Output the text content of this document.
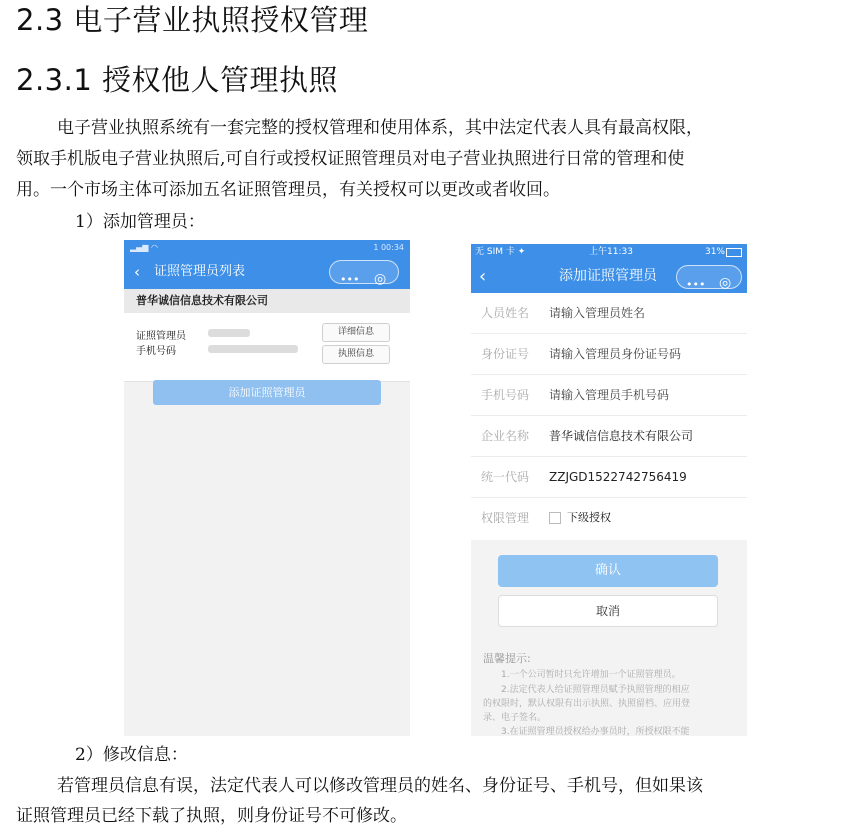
2.3 电子营业执照授权管理
2.3.1 授权他人管理执照
电子营业执照系统有一套完整的授权管理和使用体系，其中法定代表人具有最高权限，
领取手机版电子营业执照后,可自行或授权证照管理员对电子营业执照进行日常的管理和使
用。一个市场主体可添加五名证照管理员，有关授权可以更改或者收回。
1）添加管理员：
▂▄▆ ◠	1 00:34
‹ 证照管理员列表
••• ◎
普华诚信信息技术有限公司
证照管理员
手机号码
详细信息
执照信息
添加证照管理员
无 SIM 卡 ✦	上午11:33	31%
‹	添加证照管理员
••• ◎
人员姓名 请输入管理员姓名
身份证号 请输入管理员身份证号码
手机号码 请输入管理员手机号码
企业名称 普华诚信信息技术有限公司
统一代码 ZZJGD1522742756419
权限管理	下级授权
确认
取消
温馨提示:
1.一个公司暂时只允许增加一个证照管理员。
2.法定代表人给证照管理员赋予执照管理的相应
的权限时，默认权限有出示执照、执照留档、应用登
录、电子签名。
3.在证照管理员授权给办事员时，所授权限不能
2）修改信息：
若管理员信息有误，法定代表人可以修改管理员的姓名、身份证号、手机号，但如果该
证照管理员已经下载了执照，则身份证号不可修改。
